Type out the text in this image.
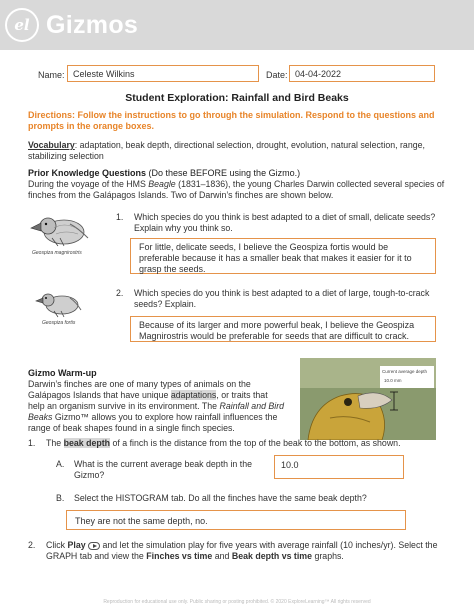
el Gizmos
Name: Celeste Wilkins	Date: 04-04-2022
Student Exploration: Rainfall and Bird Beaks
Directions: Follow the instructions to go through the simulation. Respond to the questions and prompts in the orange boxes.
Vocabulary: adaptation, beak depth, directional selection, drought, evolution, natural selection, range, stabilizing selection
Prior Knowledge Questions (Do these BEFORE using the Gizmo.)
During the voyage of the HMS Beagle (1831–1836), the young Charles Darwin collected several species of finches from the Galápagos Islands. Two of Darwin’s finches are shown below.
Geospiza magnirostris
Geospiza fortis
1. Which species do you think is best adapted to a diet of small, delicate seeds? Explain why you think so.
For little, delicate seeds, I believe the Geospiza fortis would be preferable because it has a smaller beak that makes it easier for it to grasp the seeds.
2. Which species do you think is best adapted to a diet of large, tough-to-crack seeds? Explain.
Because of its larger and more powerful beak, I believe the Geospiza Magnirostris would be preferable for seeds that are difficult to crack.
Gizmo Warm-up
Darwin’s finches are one of many types of animals on the Galápagos Islands that have unique adaptations, or traits that help an organism survive in its environment. The Rainfall and Bird Beaks Gizmo™ allows you to explore how rainfall influences the range of beak shapes found in a single finch species.
Current average depth
10.0 mm
1. The beak depth of a finch is the distance from the top of the beak to the bottom, as shown.
A. What is the current average beak depth in the Gizmo?
10.0
B. Select the HISTOGRAM tab. Do all the finches have the same beak depth?
They are not the same depth, no.
2. Click Play
and let the simulation play for five years with average rainfall (10 inches/yr). Select the GRAPH tab and view the Finches vs time and Beak depth vs time graphs.
Reproduction for educational use only. Public sharing or posting prohibited. © 2020 ExploreLearning™ All rights reserved
